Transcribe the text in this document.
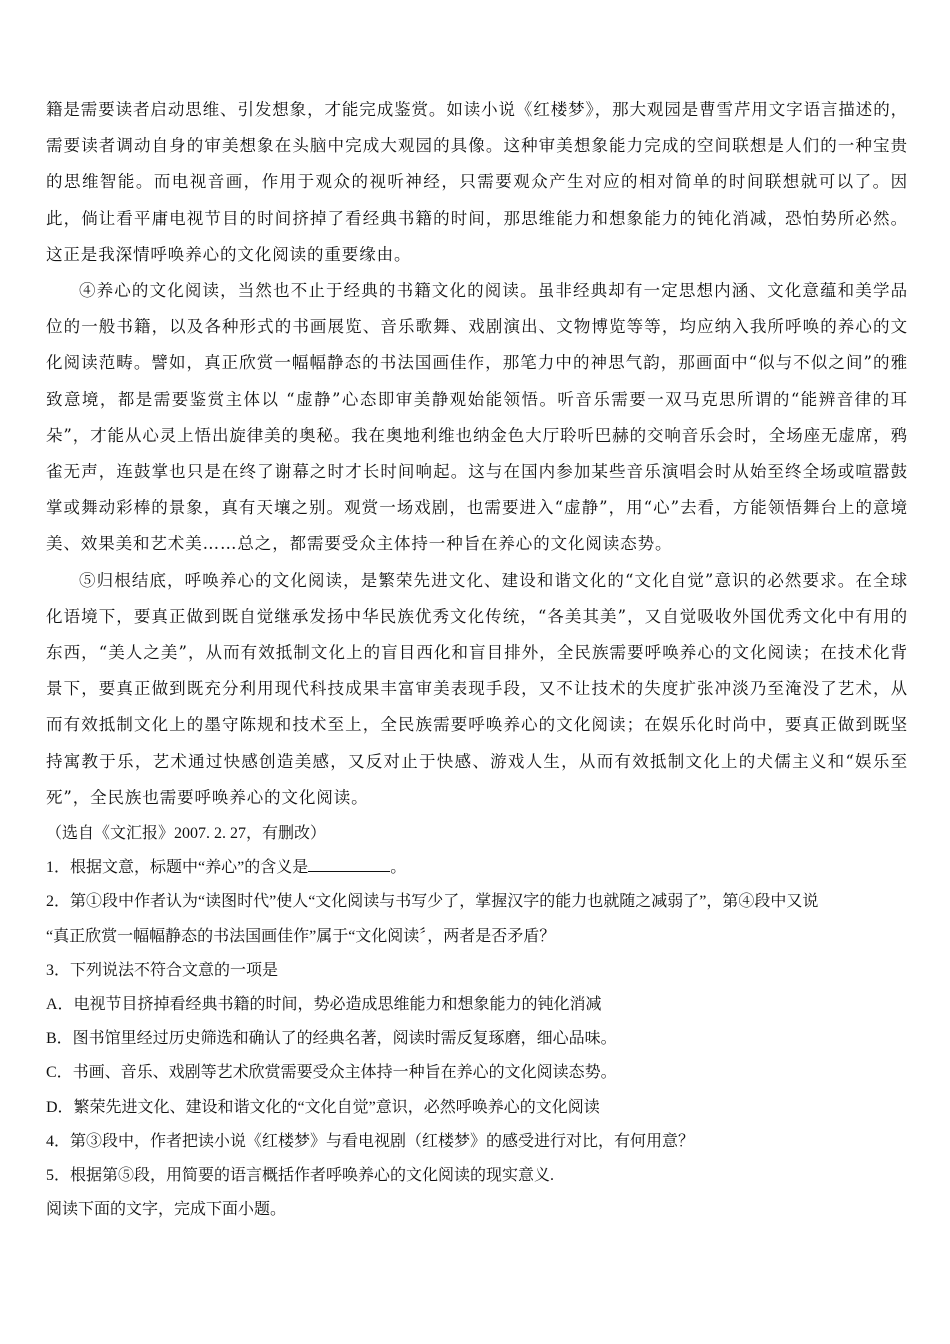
籍是需要读者启动思维、引发想象，才能完成鉴赏。如读小说《红楼梦》，那大观园是曹雪芹用文字语言描述的，需要读者调动自身的审美想象在头脑中完成大观园的具像。这种审美想象能力完成的空间联想是人们的一种宝贵的思维智能。而电视音画，作用于观众的视听神经，只需要观众产生对应的相对简单的时间联想就可以了。因此，倘让看平庸电视节目的时间挤掉了看经典书籍的时间，那思维能力和想象能力的钝化消减，恐怕势所必然。这正是我深情呼唤养心的文化阅读的重要缘由。

④养心的文化阅读，当然也不止于经典的书籍文化的阅读。虽非经典却有一定思想内涵、文化意蕴和美学品位的一般书籍，以及各种形式的书画展览、音乐歌舞、戏剧演出、文物博览等等，均应纳入我所呼唤的养心的文化阅读范畴。譬如，真正欣赏一幅幅静态的书法国画佳作，那笔力中的神思气韵，那画面中“似与不似之间”的雅致意境，都是需要鉴赏主体以 “虚静”心态即审美静观始能领悟。听音乐需要一双马克思所谓的“能辨音律的耳朵”，才能从心灵上悟出旋律美的奥秘。我在奥地利维也纳金色大厅聆听巴赫的交响音乐会时，全场座无虚席，鸦雀无声，连鼓掌也只是在终了谢幕之时才长时间响起。这与在国内参加某些音乐演唱会时从始至终全场或喧嚣鼓掌或舞动彩棒的景象，真有天壤之别。观赏一场戏剧，也需要进入“虚静”，用“心”去看，方能领悟舞台上的意境美、效果美和艺术美……总之，都需要受众主体持一种旨在养心的文化阅读态势。

⑤归根结底，呼唤养心的文化阅读，是繁荣先进文化、建设和谐文化的“文化自觉”意识的必然要求。在全球化语境下，要真正做到既自觉继承发扬中华民族优秀文化传统，“各美其美”，又自觉吸收外国优秀文化中有用的东西，“美人之美”，从而有效抵制文化上的盲目西化和盲目排外，全民族需要呼唤养心的文化阅读；在技术化背景下，要真正做到既充分利用现代科技成果丰富审美表现手段，又不让技术的失度扩张冲淡乃至淹没了艺术，从而有效抵制文化上的墨守陈规和技术至上，全民族需要呼唤养心的文化阅读；在娱乐化时尚中，要真正做到既坚持寓教于乐，艺术通过快感创造美感，又反对止于快感、游戏人生，从而有效抵制文化上的犬儒主义和“娱乐至死”，全民族也需要呼唤养心的文化阅读。

（选自《文汇报》2007. 2. 27，有删改）

1．根据文意，标题中“养心”的含义是	。

2．第①段中作者认为“读图时代”使人“文化阅读与书写少了，掌握汉字的能力也就随之减弱了”，第④段中又说

“真正欣赏一幅幅静态的书法国画佳作”属于“文化阅读〞，两者是否矛盾？

3．下列说法不符合文意的一项是

A．电视节目挤掉看经典书籍的时间，势必造成思维能力和想象能力的钝化消减

B．图书馆里经过历史筛选和确认了的经典名著，阅读时需反复琢磨，细心品味。

C．书画、音乐、戏剧等艺术欣赏需要受众主体持一种旨在养心的文化阅读态势。

D．繁荣先进文化、建设和谐文化的“文化自觉”意识，必然呼唤养心的文化阅读

4．第③段中，作者把读小说《红楼梦》与看电视剧（红楼梦》的感受进行对比，有何用意？

5．根据第⑤段，用简要的语言概括作者呼唤养心的文化阅读的现实意义.

阅读下面的文字，完成下面小题。
